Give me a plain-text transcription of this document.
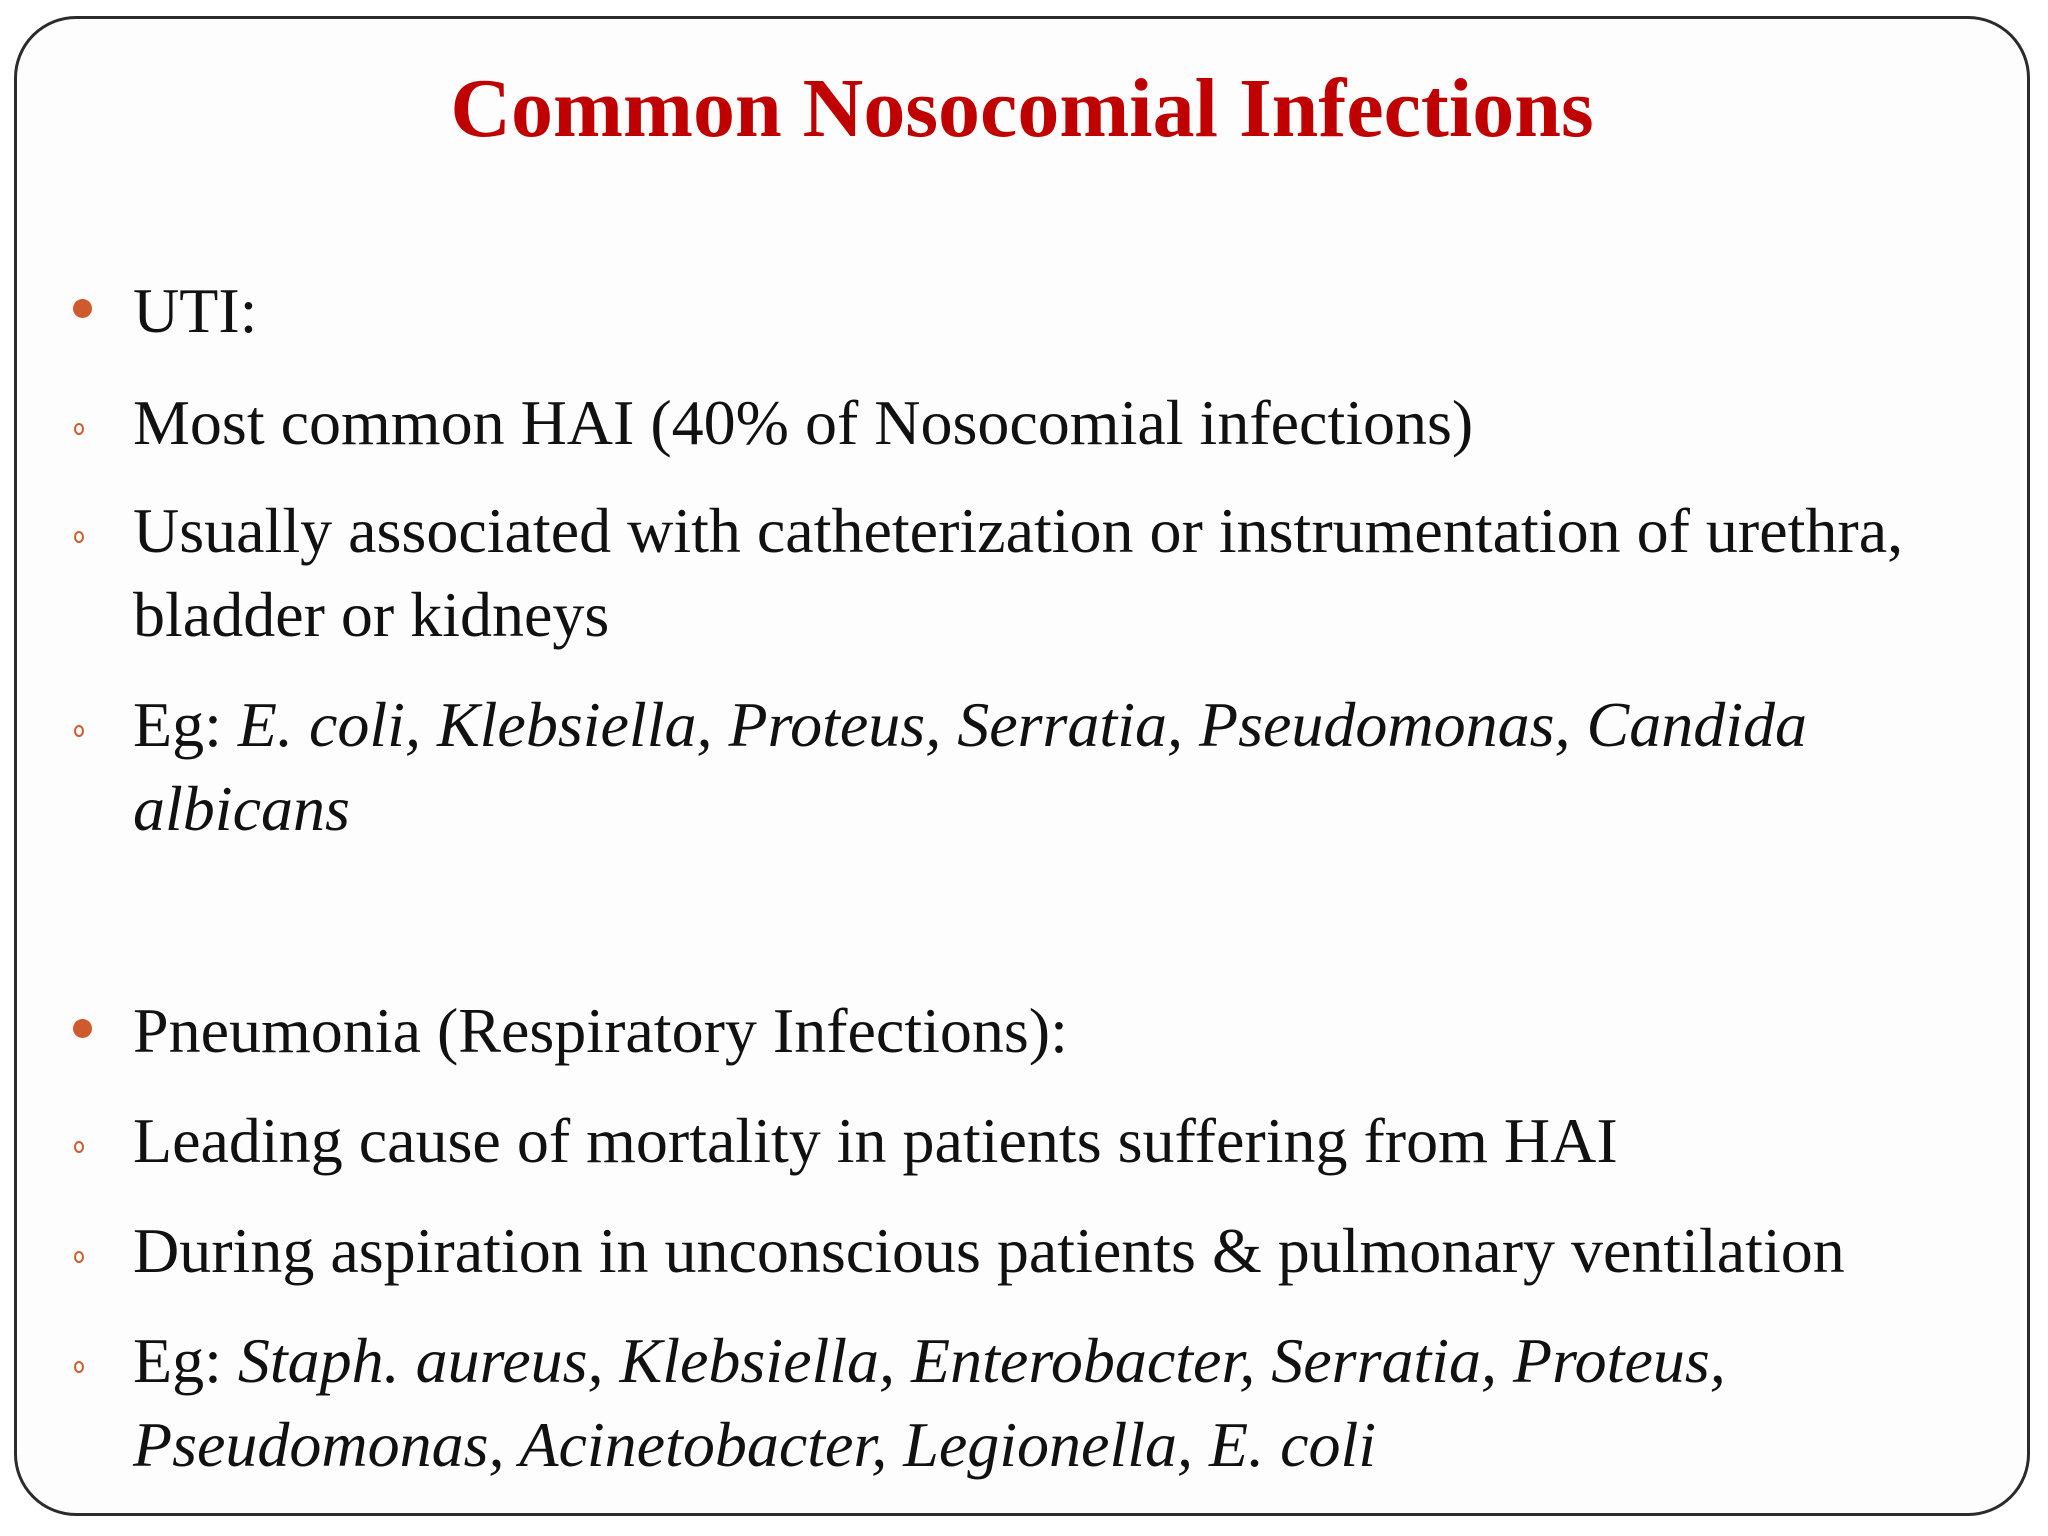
Common Nosocomial Infections
UTI:
Most common HAI (40% of Nosocomial infections)
Usually associated with catheterization or instrumentation of urethra, bladder or kidneys
Eg: E. coli, Klebsiella, Proteus, Serratia, Pseudomonas, Candida albicans
Pneumonia (Respiratory Infections):
Leading cause of mortality in patients suffering from HAI
During aspiration in unconscious patients & pulmonary ventilation
Eg: Staph. aureus, Klebsiella, Enterobacter, Serratia, Proteus, Pseudomonas, Acinetobacter, Legionella, E. coli
